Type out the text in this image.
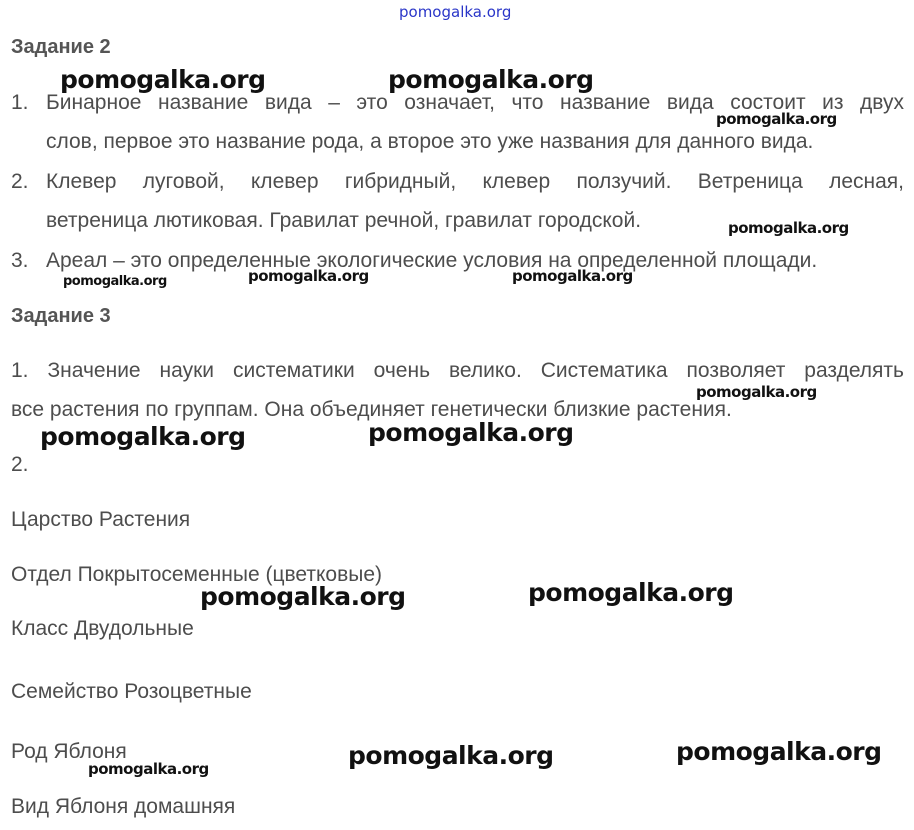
pomogalka.org
Задание 2
1. Бинарное название вида – это означает, что название вида состоит из двух
слов, первое это название рода, а второе это уже названия для данного вида.
2. Клевер луговой, клевер гибридный, клевер ползучий. Ветреница лесная,
ветреница лютиковая. Гравилат речной, гравилат городской.
3. Ареал – это определенные экологические условия на определенной площади.
Задание 3
1. Значение науки систематики очень велико. Систематика позволяет разделять
все растения по группам. Она объединяет генетически близкие растения.
2.
Царство Растения
Отдел Покрытосеменные (цветковые)
Класс Двудольные
Семейство Розоцветные
Род Яблоня
Вид Яблоня домашняя
pomogalka.org	pomogalka.org
pomogalka.org
pomogalka.org
pomogalka.org	pomogalka.org
pomogalka.org
pomogalka.org
pomogalka.org	pomogalka.org
pomogalka.org	pomogalka.org
pomogalka.org	pomogalka.org
pomogalka.org
